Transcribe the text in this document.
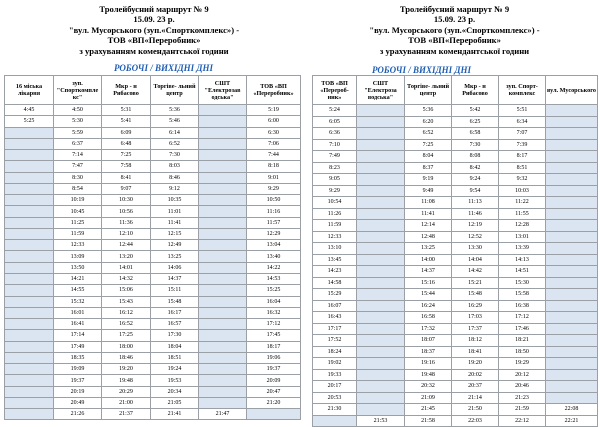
Тролейбусний маршрут № 9
15.09. 23 р.
"вул. Мусорського (зуп.«Спорткомплекс») -
ТОВ «ВП«Переробник»
з урахуванням комендантської години
РОБОЧІ / ВИХІДНІ ДНІ
16 міська лікарня	зуп. "Спорткомпле кс"	Мкр - н Рибасово	Торгіве- льний центр	СШТ "Електрозав одська"	ТОВ «ВП «Переробник»
4:45	4:50	5:31	5:36		5:19
5:25	5:30	5:41	5:46		6:00
	5:59	6:09	6:14		6:30
	6:37	6:48	6:52		7:06
	7:14	7:25	7:30		7:44
	7:47	7:58	8:03		8:18
	8:30	8:41	8:46		9:01
	8:54	9:07	9:12		9:29
	10:19	10:30	10:35		10:50
	10:45	10:56	11:01		11:16
	11:25	11:36	11:41		11:57
	11:59	12:10	12:15		12:29
	12:33	12:44	12:49		13:04
	13:09	13:20	13:25		13:40
	13:50	14:01	14:06		14:22
	14:21	14:32	14:37		14:53
	14:55	15:06	15:11		15:25
	15:32	15:43	15:48		16:04
	16:01	16:12	16:17		16:32
	16:41	16:52	16:57		17:12
	17:14	17:25	17:30		17:45
	17:49	18:00	18:04		18:17
	18:35	18:46	18:51		19:06
	19:09	19:20	19:24		19:37
	19:37	19:48	19:53		20:09
	20:19	20:29	20:34		20:47
	20:49	21:00	21:05		21:20
	21:26	21:37	21:41	21:47	
Тролейбусний маршрут № 9
15.09. 23 р.
"вул. Мусорського (зуп.«Спорткомплекс») -
ТОВ «ВП«Переробник»
з урахуванням комендантської години
РОБОЧІ / ВИХІДНІ ДНІ
ТОВ «ВП «Перероб- ник»	СШТ "Електроза водська"	Торгіве- льний центр	Мкр - н Рибасово	зуп. Спорт- комплекс	вул. Мусорського
5:24		5:36	5:42	5:51	
6:05		6:20	6:25	6:34	
6:36		6:52	6:58	7:07	
7:10		7:25	7:30	7:39	
7:49		8:04	8:08	8:17	
8:23		8:37	8:42	8:51	
9:05		9:19	9:24	9:32	
9:29		9:49	9:54	10:03	
10:54		11:08	11:13	11:22	
11:26		11:41	11:46	11:55	
11:59		12:14	12:19	12:28	
12:33		12:48	12:52	13:01	
13:10		13:25	13:30	13:39	
13:45		14:00	14:04	14:13	
14:23		14:37	14:42	14:51	
14:58		15:16	15:21	15:30	
15:29		15:44	15:48	15:58	
16:07		16:24	16:29	16:38	
16:43		16:58	17:03	17:12	
17:17		17:32	17:37	17:46	
17:52		18:07	18:12	18:21	
18:24		18:37	18:41	18:50	
19:02		19:16	19:20	19:29	
19:33		19:48	20:02	20:12	
20:17		20:32	20:37	20:46	
20:53		21:09	21:14	21:23	
21:30		21:45	21:50	21:59	22:08
	21:53	21:58	22:03	22:12	22:21
